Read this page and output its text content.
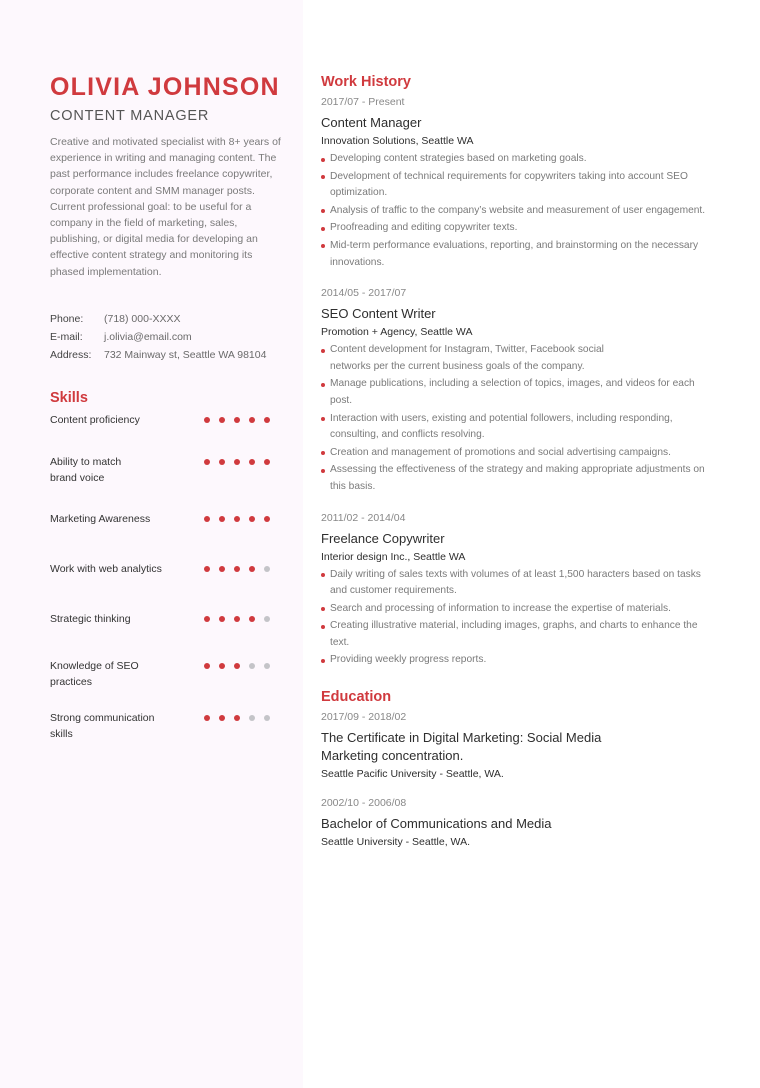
OLIVIA JOHNSON
CONTENT MANAGER
Creative and motivated specialist with 8+ years of experience in writing and managing content. The past performance includes freelance copywriter, corporate content and SMM manager posts. Current professional goal: to be useful for a company in the field of marketing, sales, publishing, or digital media for developing an effective content strategy and monitoring its phased implementation.
Phone:	(718) 000-XXXX
E-mail:	j.olivia@email.com
Address:	732 Mainway st, Seattle WA 98104
Skills
Content proficiency
Ability to match brand voice
Marketing Awareness
Work with web analytics
Strategic thinking
Knowledge of SEO practices
Strong communication skills
Work History
2017/07 - Present
Content Manager
Innovation Solutions, Seattle WA
Developing content strategies based on marketing goals.
Development of technical requirements for copywriters taking into account SEO optimization.
Analysis of traffic to the company’s website and measurement of user engagement.
Proofreading and editing copywriter texts.
Mid-term performance evaluations, reporting, and brainstorming on the necessary innovations.
2014/05 - 2017/07
SEO Content Writer
Promotion + Agency, Seattle WA
Content development for Instagram, Twitter, Facebook social networks per the current business goals of the company.
Manage publications, including a selection of topics, images, and videos for each post.
Interaction with users, existing and potential followers, including responding, consulting, and conflicts resolving.
Creation and management of promotions and social advertising campaigns.
Assessing the effectiveness of the strategy and making appropriate adjustments on this basis.
2011/02 - 2014/04
Freelance Copywriter
Interior design Inc., Seattle WA
Daily writing of sales texts with volumes of at least 1,500 haracters based on tasks and customer requirements.
Search and processing of information to increase the expertise of materials.
Creating illustrative material, including images, graphs, and charts to enhance the text.
Providing weekly progress reports.
Education
2017/09 - 2018/02
The Certificate in Digital Marketing: Social Media Marketing concentration.
Seattle Pacific University - Seattle, WA.
2002/10 - 2006/08
Bachelor of Communications and Media
Seattle University - Seattle, WA.
